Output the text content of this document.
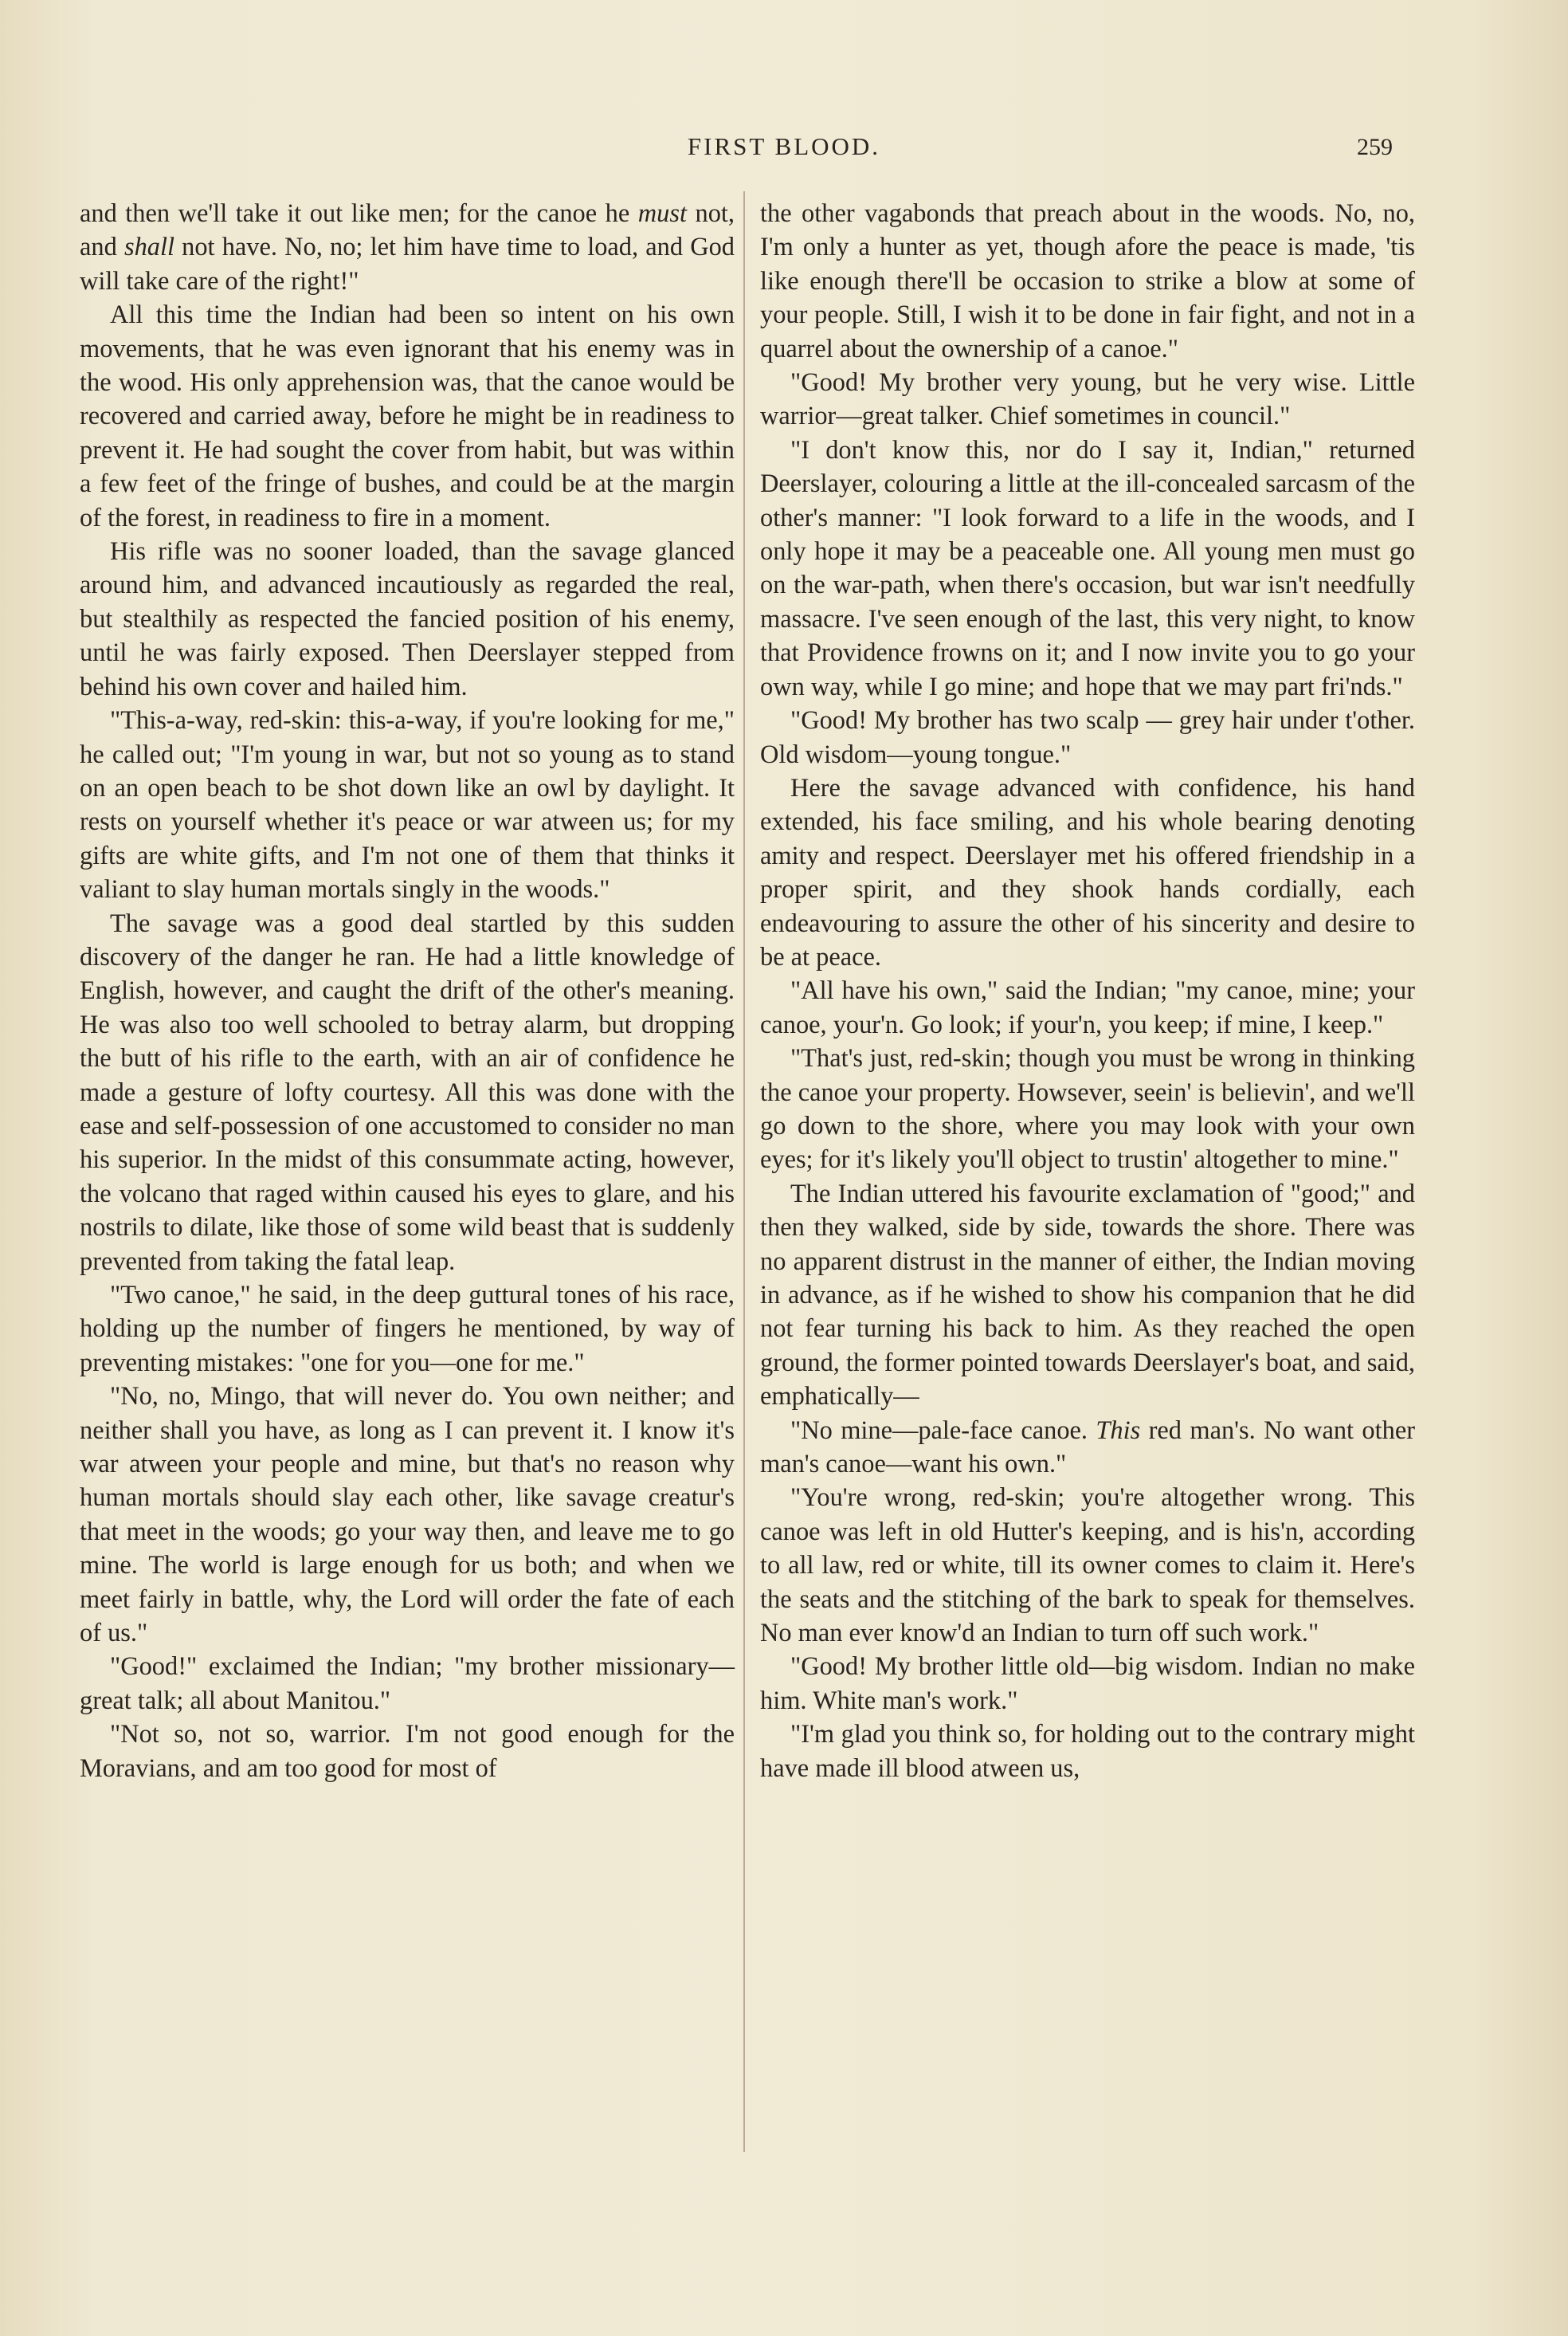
FIRST BLOOD.	259

and then we'll take it out like men; for the canoe he must not, and shall not have. No, no; let him have time to load, and God will take care of the right!"

All this time the Indian had been so intent on his own movements, that he was even ignorant that his enemy was in the wood. His only apprehension was, that the canoe would be recovered and carried away, before he might be in readiness to prevent it. He had sought the cover from habit, but was within a few feet of the fringe of bushes, and could be at the margin of the forest, in readiness to fire in a moment.

His rifle was no sooner loaded, than the savage glanced around him, and advanced incautiously as regarded the real, but stealthily as respected the fancied position of his enemy, until he was fairly exposed. Then Deerslayer stepped from behind his own cover and hailed him.

"This-a-way, red-skin: this-a-way, if you're looking for me," he called out; "I'm young in war, but not so young as to stand on an open beach to be shot down like an owl by daylight. It rests on yourself whether it's peace or war atween us; for my gifts are white gifts, and I'm not one of them that thinks it valiant to slay human mortals singly in the woods."

The savage was a good deal startled by this sudden discovery of the danger he ran. He had a little knowledge of English, however, and caught the drift of the other's meaning. He was also too well schooled to betray alarm, but dropping the butt of his rifle to the earth, with an air of confidence he made a gesture of lofty courtesy. All this was done with the ease and self-possession of one accustomed to consider no man his superior. In the midst of this consummate acting, however, the volcano that raged within caused his eyes to glare, and his nostrils to dilate, like those of some wild beast that is suddenly prevented from taking the fatal leap.

"Two canoe," he said, in the deep guttural tones of his race, holding up the number of fingers he mentioned, by way of preventing mistakes: "one for you—one for me."

"No, no, Mingo, that will never do. You own neither; and neither shall you have, as long as I can prevent it. I know it's war atween your people and mine, but that's no reason why human mortals should slay each other, like savage creatur's that meet in the woods; go your way then, and leave me to go mine. The world is large enough for us both; and when we meet fairly in battle, why, the Lord will order the fate of each of us."

"Good!" exclaimed the Indian; "my brother missionary—great talk; all about Manitou."

"Not so, not so, warrior. I'm not good enough for the Moravians, and am too good for most of

the other vagabonds that preach about in the woods. No, no, I'm only a hunter as yet, though afore the peace is made, 'tis like enough there'll be occasion to strike a blow at some of your people. Still, I wish it to be done in fair fight, and not in a quarrel about the ownership of a canoe."

"Good! My brother very young, but he very wise. Little warrior—great talker. Chief sometimes in council."

"I don't know this, nor do I say it, Indian," returned Deerslayer, colouring a little at the ill-concealed sarcasm of the other's manner: "I look forward to a life in the woods, and I only hope it may be a peaceable one. All young men must go on the war-path, when there's occasion, but war isn't needfully massacre. I've seen enough of the last, this very night, to know that Providence frowns on it; and I now invite you to go your own way, while I go mine; and hope that we may part fri'nds."

"Good! My brother has two scalp — grey hair under t'other. Old wisdom—young tongue."

Here the savage advanced with confidence, his hand extended, his face smiling, and his whole bearing denoting amity and respect. Deerslayer met his offered friendship in a proper spirit, and they shook hands cordially, each endeavouring to assure the other of his sincerity and desire to be at peace.

"All have his own," said the Indian; "my canoe, mine; your canoe, your'n. Go look; if your'n, you keep; if mine, I keep."

"That's just, red-skin; though you must be wrong in thinking the canoe your property. Howsever, seein' is believin', and we'll go down to the shore, where you may look with your own eyes; for it's likely you'll object to trustin' altogether to mine."

The Indian uttered his favourite exclamation of "good;" and then they walked, side by side, towards the shore. There was no apparent distrust in the manner of either, the Indian moving in advance, as if he wished to show his companion that he did not fear turning his back to him. As they reached the open ground, the former pointed towards Deerslayer's boat, and said, emphatically—

"No mine—pale-face canoe. This red man's. No want other man's canoe—want his own."

"You're wrong, red-skin; you're altogether wrong. This canoe was left in old Hutter's keeping, and is his'n, according to all law, red or white, till its owner comes to claim it. Here's the seats and the stitching of the bark to speak for themselves. No man ever know'd an Indian to turn off such work."

"Good! My brother little old—big wisdom. Indian no make him. White man's work."

"I'm glad you think so, for holding out to the contrary might have made ill blood atween us,
